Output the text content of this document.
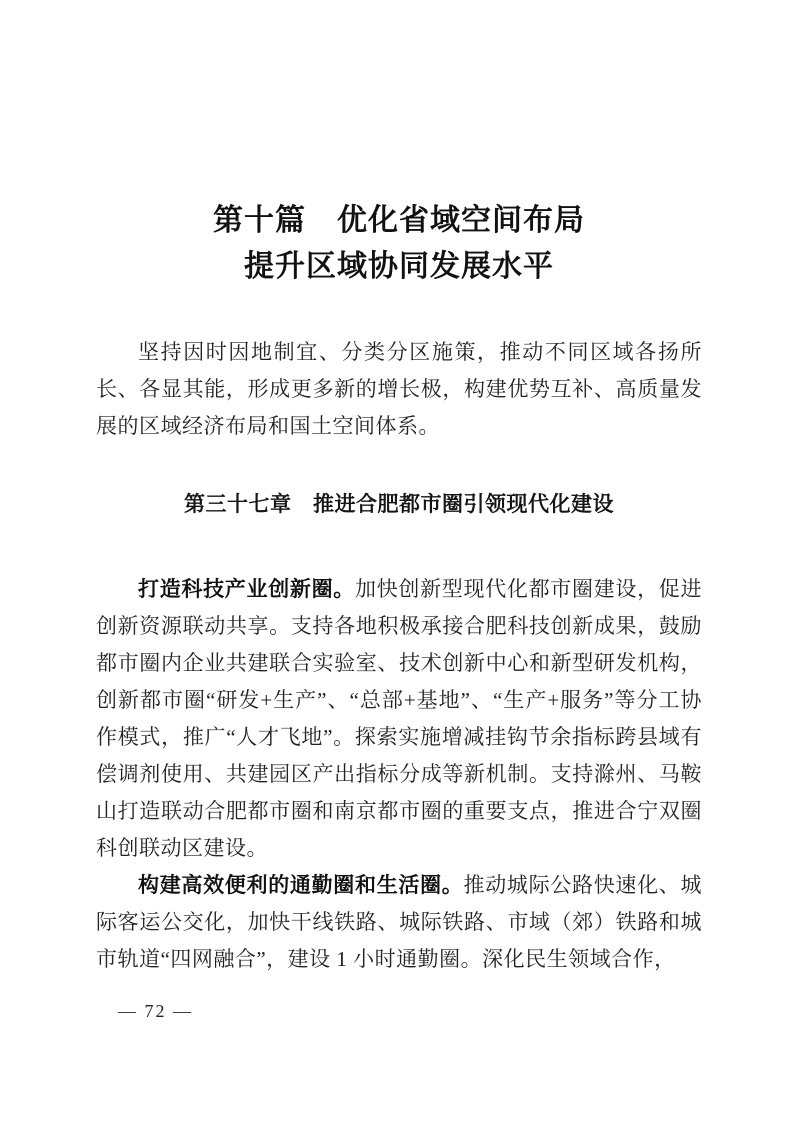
第十篇　优化省域空间布局
提升区域协同发展水平

坚持因时因地制宜、分类分区施策，推动不同区域各扬所长、各显其能，形成更多新的增长极，构建优势互补、高质量发展的区域经济布局和国土空间体系。

第三十七章　推进合肥都市圈引领现代化建设

打造科技产业创新圈。加快创新型现代化都市圈建设，促进创新资源联动共享。支持各地积极承接合肥科技创新成果，鼓励都市圈内企业共建联合实验室、技术创新中心和新型研发机构，创新都市圈“研发+生产”、“总部+基地”、“生产+服务”等分工协作模式，推广“人才飞地”。探索实施增减挂钩节余指标跨县域有偿调剂使用、共建园区产出指标分成等新机制。支持滁州、马鞍山打造联动合肥都市圈和南京都市圈的重要支点，推进合宁双圈科创联动区建设。

构建高效便利的通勤圈和生活圈。推动城际公路快速化、城际客运公交化，加快干线铁路、城际铁路、市域（郊）铁路和城市轨道“四网融合”，建设 1 小时通勤圈。深化民生领域合作，

— 72 —
